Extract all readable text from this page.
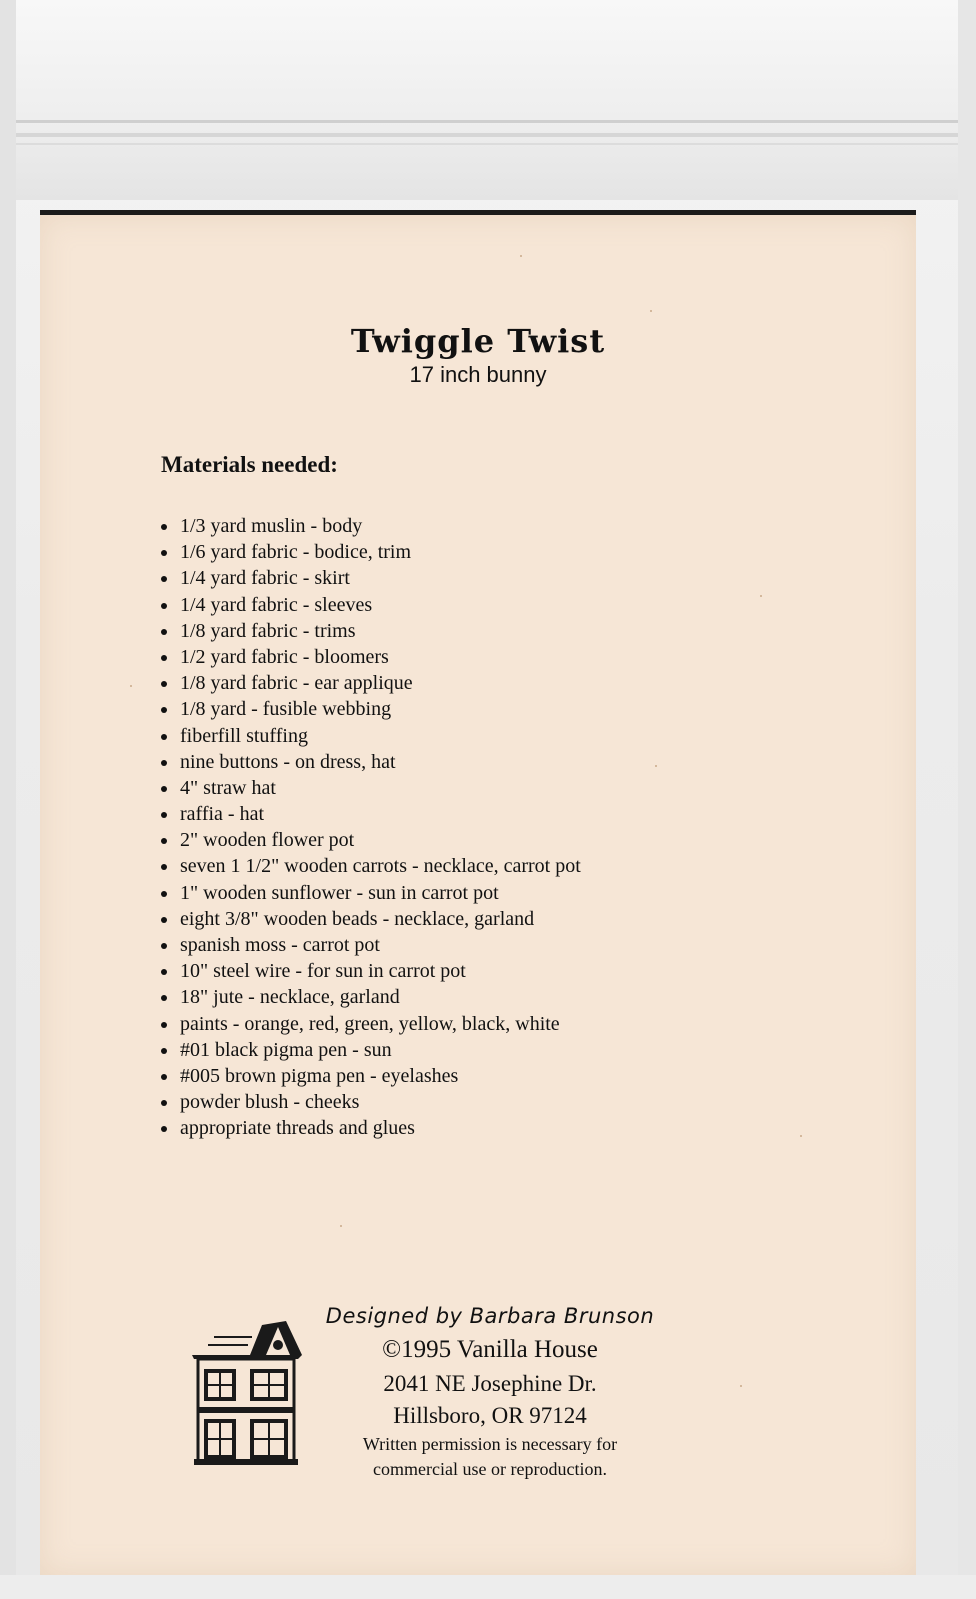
Twiggle Twist
17 inch bunny
Materials needed:
1/3 yard muslin - body
1/6 yard fabric - bodice, trim
1/4 yard fabric - skirt
1/4 yard fabric - sleeves
1/8 yard fabric - trims
1/2 yard fabric - bloomers
1/8 yard fabric - ear applique
1/8 yard - fusible webbing
fiberfill stuffing
nine buttons - on dress, hat
4" straw hat
raffia - hat
2" wooden flower pot
seven 1 1/2" wooden carrots - necklace, carrot pot
1" wooden sunflower - sun in carrot pot
eight 3/8" wooden beads - necklace, garland
spanish moss - carrot pot
10" steel wire - for sun in carrot pot
18" jute - necklace, garland
paints - orange, red, green, yellow, black, white
#01 black pigma pen - sun
#005 brown pigma pen - eyelashes
powder blush - cheeks
appropriate threads and glues
Designed by Barbara Brunson
©1995 Vanilla House
2041 NE Josephine Dr.
Hillsboro, OR 97124
Written permission is necessary for
commercial use or reproduction.
